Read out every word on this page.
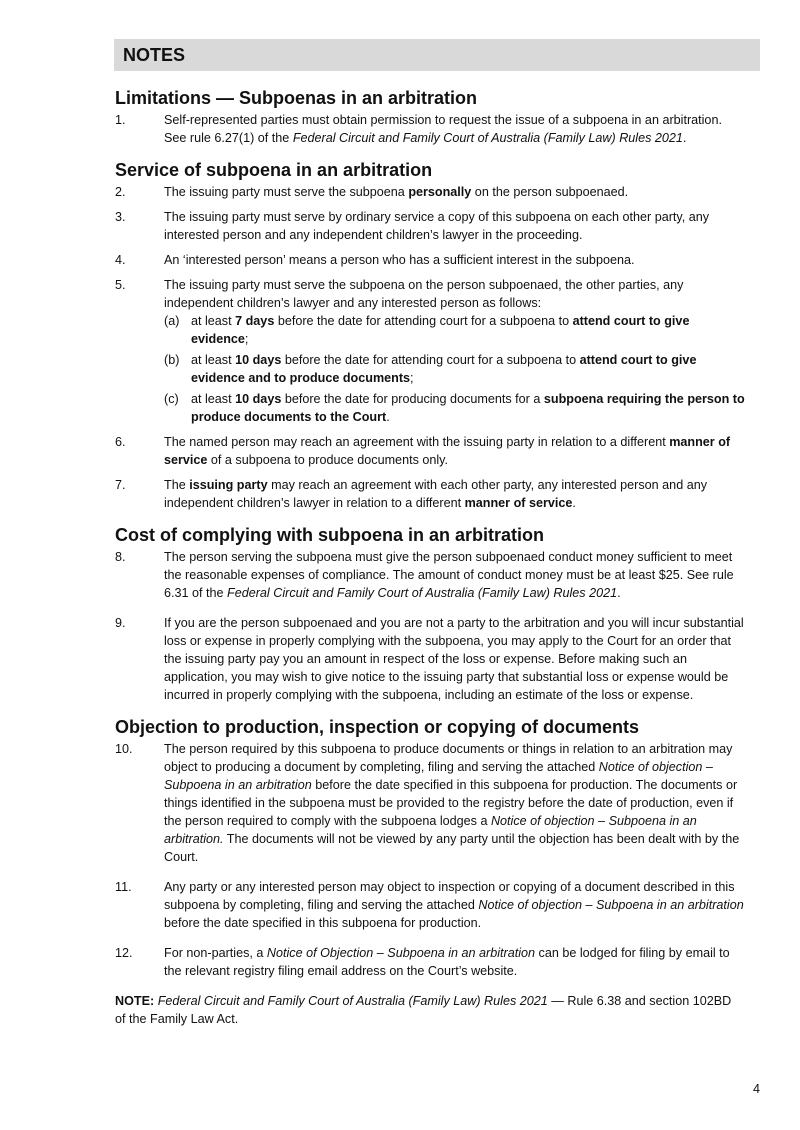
NOTES
Limitations — Subpoenas in an arbitration
1.	Self-represented parties must obtain permission to request the issue of a subpoena in an arbitration. See rule 6.27(1) of the Federal Circuit and Family Court of Australia (Family Law) Rules 2021.
Service of subpoena in an arbitration
2.	The issuing party must serve the subpoena personally on the person subpoenaed.
3.	The issuing party must serve by ordinary service a copy of this subpoena on each other party, any interested person and any independent children’s lawyer in the proceeding.
4.	An ‘interested person’ means a person who has a sufficient interest in the subpoena.
5.	The issuing party must serve the subpoena on the person subpoenaed, the other parties, any independent children’s lawyer and any interested person as follows:
(a) at least 7 days before the date for attending court for a subpoena to attend court to give evidence;
(b) at least 10 days before the date for attending court for a subpoena to attend court to give evidence and to produce documents;
(c) at least 10 days before the date for producing documents for a subpoena requiring the person to produce documents to the Court.
6.	The named person may reach an agreement with the issuing party in relation to a different manner of service of a subpoena to produce documents only.
7.	The issuing party may reach an agreement with each other party, any interested person and any independent children’s lawyer in relation to a different manner of service.
Cost of complying with subpoena in an arbitration
8.	The person serving the subpoena must give the person subpoenaed conduct money sufficient to meet the reasonable expenses of compliance. The amount of conduct money must be at least $25. See rule 6.31 of the Federal Circuit and Family Court of Australia (Family Law) Rules 2021.
9.	If you are the person subpoenaed and you are not a party to the arbitration and you will incur substantial loss or expense in properly complying with the subpoena, you may apply to the Court for an order that the issuing party pay you an amount in respect of the loss or expense. Before making such an application, you may wish to give notice to the issuing party that substantial loss or expense would be incurred in properly complying with the subpoena, including an estimate of the loss or expense.
Objection to production, inspection or copying of documents
10. The person required by this subpoena to produce documents or things in relation to an arbitration may object to producing a document by completing, filing and serving the attached Notice of objection – Subpoena in an arbitration before the date specified in this subpoena for production. The documents or things identified in the subpoena must be provided to the registry before the date of production, even if the person required to comply with the subpoena lodges a Notice of objection – Subpoena in an arbitration. The documents will not be viewed by any party until the objection has been dealt with by the Court.
11.	Any party or any interested person may object to inspection or copying of a document described in this subpoena by completing, filing and serving the attached Notice of objection – Subpoena in an arbitration before the date specified in this subpoena for production.
12. For non-parties, a Notice of Objection – Subpoena in an arbitration can be lodged for filing by email to the relevant registry filing email address on the Court’s website.
NOTE: Federal Circuit and Family Court of Australia (Family Law) Rules 2021 — Rule 6.38 and section 102BD of the Family Law Act.
4
